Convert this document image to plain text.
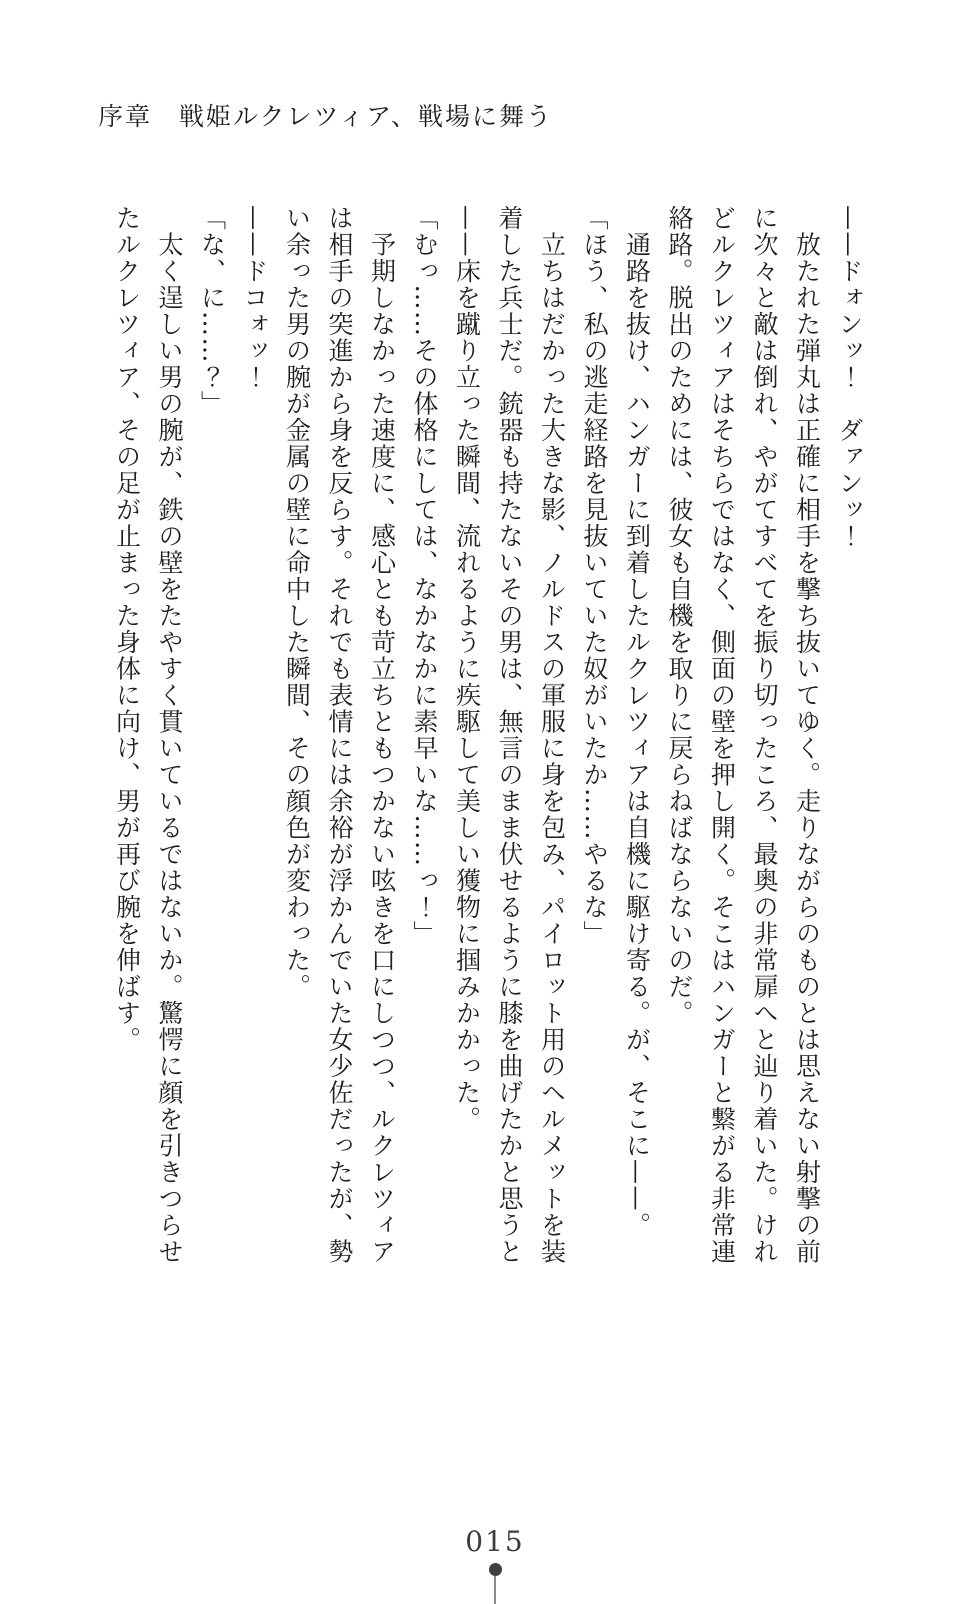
序章　戦姫ルクレツィア、戦場に舞う

——ドォンッ！　ダァンッ！

　放たれた弾丸は正確に相手を撃ち抜いてゆく。走りながらのものとは思えない射撃の前

に次々と敵は倒れ、やがてすべてを振り切ったころ、最奥の非常扉へと辿り着いた。けれ

どルクレツィアはそちらではなく、側面の壁を押し開く。そこはハンガーと繋がる非常連

絡路。脱出のためには、彼女も自機を取りに戻らねばならないのだ。

　通路を抜け、ハンガーに到着したルクレツィアは自機に駆け寄る。が、そこに——。

「ほう、私の逃走経路を見抜いていた奴がいたか……やるな」

　立ちはだかった大きな影、ノルドスの軍服に身を包み、パイロット用のヘルメットを装

着した兵士だ。銃器も持たないその男は、無言のまま伏せるように膝を曲げたかと思うと

——床を蹴り立った瞬間、流れるように疾駆して美しい獲物に掴みかかった。

「むっ……その体格にしては、なかなかに素早いな……っ！」

　予期しなかった速度に、感心とも苛立ちともつかない呟きを口にしつつ、ルクレツィア

は相手の突進から身を反らす。それでも表情には余裕が浮かんでいた女少佐だったが、勢

い余った男の腕が金属の壁に命中した瞬間、その顔色が変わった。

——ドコォッ！

「な、に……？」

　太く逞しい男の腕が、鉄の壁をたやすく貫いているではないか。驚愕に顔を引きつらせ

たルクレツィア、その足が止まった身体に向け、男が再び腕を伸ばす。

015
